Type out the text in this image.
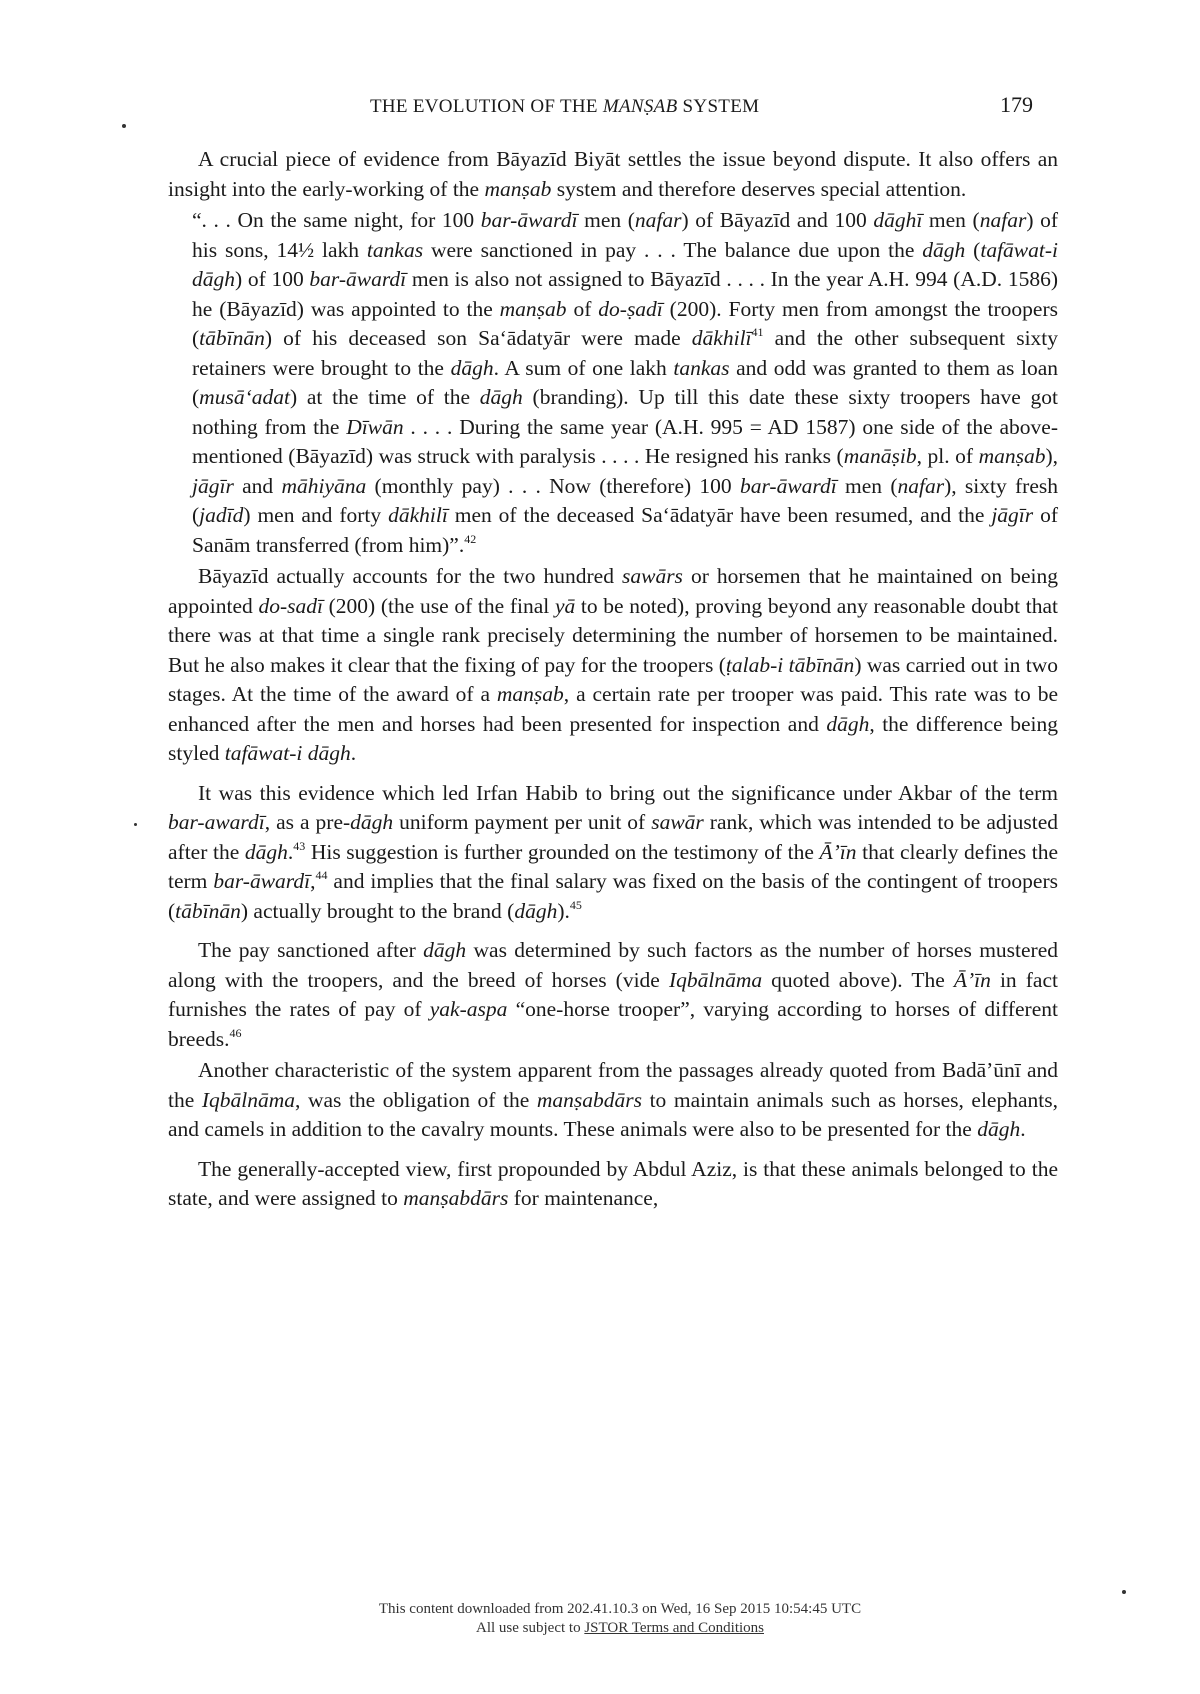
THE EVOLUTION OF THE MANṢAB SYSTEM	179

A crucial piece of evidence from Bāyazīd Biyāt settles the issue beyond dispute. It also offers an insight into the early-working of the manṣab system and therefore deserves special attention.

“. . . On the same night, for 100 bar-āwardī men (nafar) of Bāyazīd and 100 dāghī men (nafar) of his sons, 14½ lakh tankas were sanctioned in pay . . . The balance due upon the dāgh (tafāwat-i dāgh) of 100 bar-āwardī men is also not assigned to Bāyazīd . . . . In the year A.H. 994 (A.D. 1586) he (Bāyazīd) was appointed to the manṣab of do-ṣadī (200). Forty men from amongst the troopers (tābīnān) of his deceased son Sa‘ādatyār were made dākhilī$^{41}$ and the other subsequent sixty retainers were brought to the dāgh. A sum of one lakh tankas and odd was granted to them as loan (musā‘adat) at the time of the dāgh (branding). Up till this date these sixty troopers have got nothing from the Dīwān . . . . During the same year (A.H. 995 = AD 1587) one side of the above-mentioned (Bāyazīd) was struck with paralysis . . . . He resigned his ranks (manāṣib, pl. of manṣab), jāgīr and māhiyāna (monthly pay) . . . Now (therefore) 100 bar-āwardī men (nafar), sixty fresh (jadīd) men and forty dākhilī men of the deceased Sa‘ādatyār have been resumed, and the jāgīr of Sanām transferred (from him)”.$^{42}$

Bāyazīd actually accounts for the two hundred sawārs or horsemen that he maintained on being appointed do-sadī (200) (the use of the final yā to be noted), proving beyond any reasonable doubt that there was at that time a single rank precisely determining the number of horsemen to be maintained. But he also makes it clear that the fixing of pay for the troopers (ṭalab-i tābīnān) was carried out in two stages. At the time of the award of a manṣab, a certain rate per trooper was paid. This rate was to be enhanced after the men and horses had been presented for inspection and dāgh, the difference being styled tafāwat-i dāgh.

It was this evidence which led Irfan Habib to bring out the significance under Akbar of the term bar-awardī, as a pre-dāgh uniform payment per unit of sawār rank, which was intended to be adjusted after the dāgh.$^{43}$ His suggestion is further grounded on the testimony of the Ā’īn that clearly defines the term bar-āwardī,$^{44}$ and implies that the final salary was fixed on the basis of the contingent of troopers (tābīnān) actually brought to the brand (dāgh).$^{45}$

The pay sanctioned after dāgh was determined by such factors as the number of horses mustered along with the troopers, and the breed of horses (vide Iqbālnāma quoted above). The Ā’īn in fact furnishes the rates of pay of yak-aspa “one-horse trooper”, varying according to horses of different breeds.$^{46}$

Another characteristic of the system apparent from the passages already quoted from Badā’ūnī and the Iqbālnāma, was the obligation of the manṣabdārs to maintain animals such as horses, elephants, and camels in addition to the cavalry mounts. These animals were also to be presented for the dāgh.

The generally-accepted view, first propounded by Abdul Aziz, is that these animals belonged to the state, and were assigned to manṣabdārs for maintenance,

This content downloaded from 202.41.10.3 on Wed, 16 Sep 2015 10:54:45 UTC
All use subject to JSTOR Terms and Conditions
